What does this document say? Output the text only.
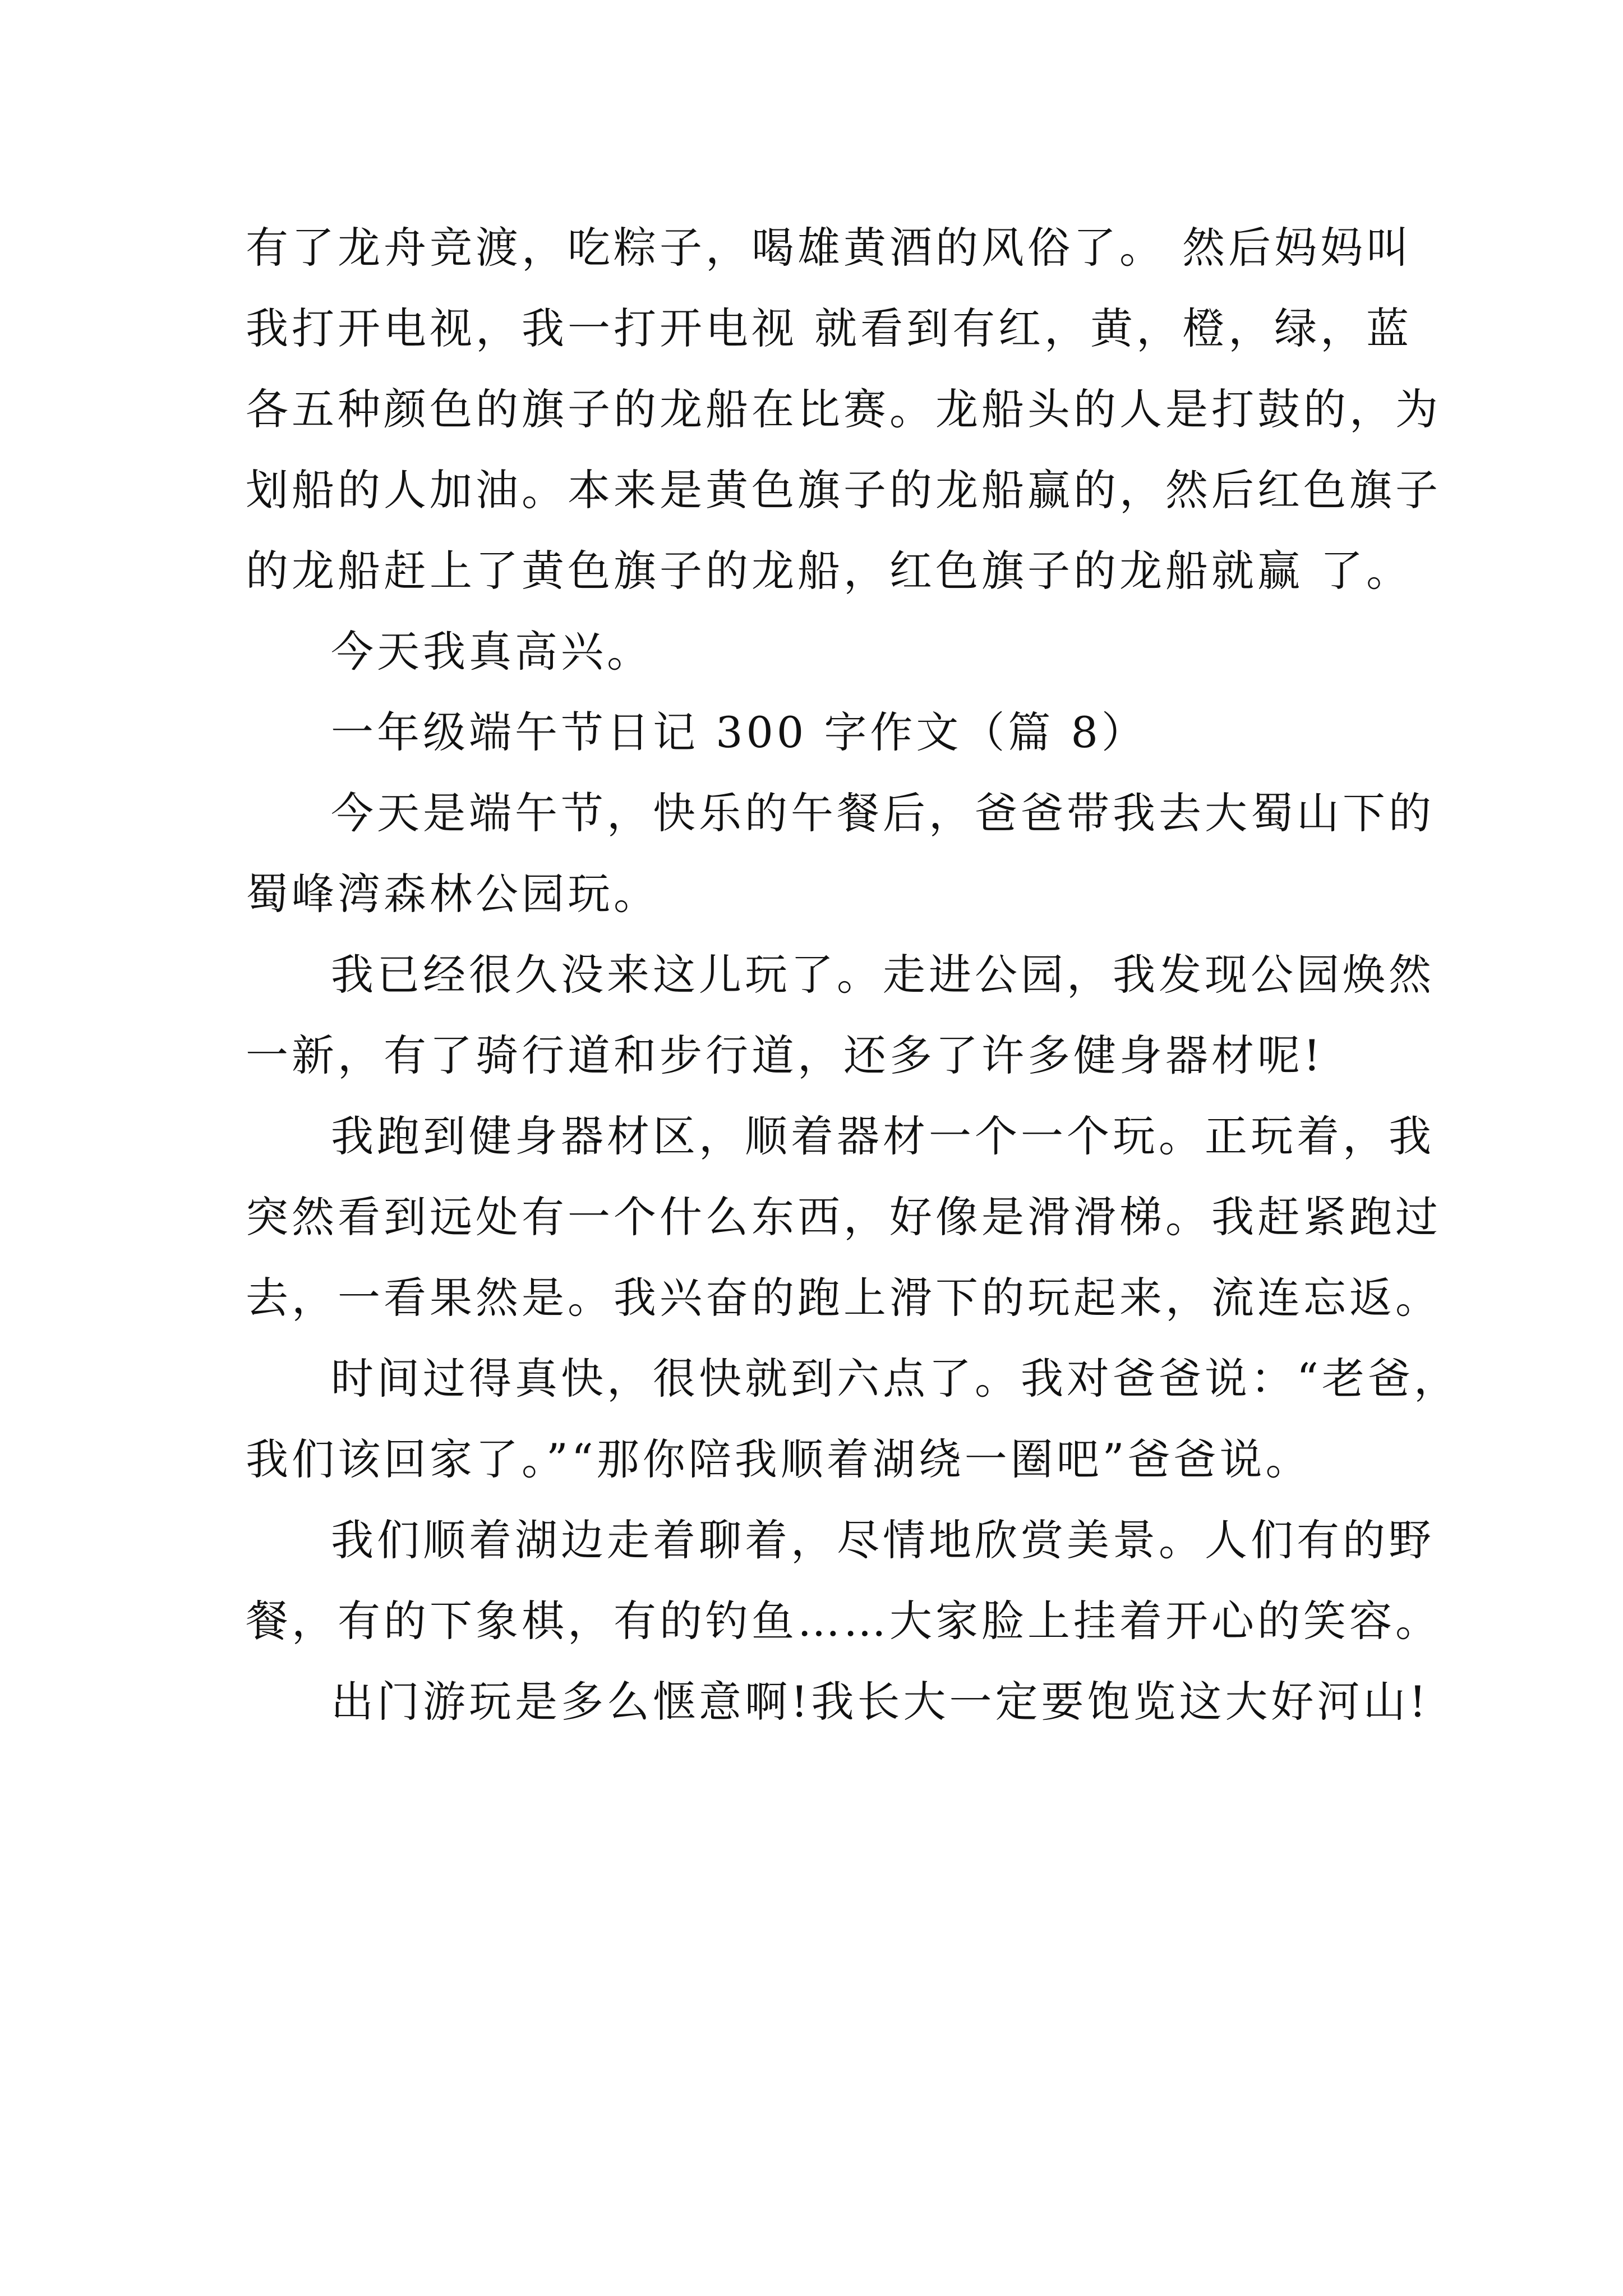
有了龙舟竞渡，吃粽子，喝雄黄酒的风俗了。 然后妈妈叫
我打开电视，我一打开电视 就看到有红，黄，橙，绿，蓝
各五种颜色的旗子的龙船在比赛。龙船头的人是打鼓的，为
划船的人加油。本来是黄色旗子的龙船赢的，然后红色旗子
的龙船赶上了黄色旗子的龙船，红色旗子的龙船就赢 了。
今天我真高兴。
一年级端午节日记 300 字作文（篇 8）
今天是端午节，快乐的午餐后，爸爸带我去大蜀山下的
蜀峰湾森林公园玩。
我已经很久没来这儿玩了。走进公园，我发现公园焕然
一新，有了骑行道和步行道，还多了许多健身器材呢!
我跑到健身器材区，顺着器材一个一个玩。正玩着，我
突然看到远处有一个什么东西，好像是滑滑梯。我赶紧跑过
去，一看果然是。我兴奋的跑上滑下的玩起来，流连忘返。
时间过得真快，很快就到六点了。我对爸爸说：“老爸，
我们该回家了。”“那你陪我顺着湖绕一圈吧”爸爸说。
我们顺着湖边走着聊着，尽情地欣赏美景。人们有的野
餐，有的下象棋，有的钓鱼……大家脸上挂着开心的笑容。
出门游玩是多么惬意啊!我长大一定要饱览这大好河山!
